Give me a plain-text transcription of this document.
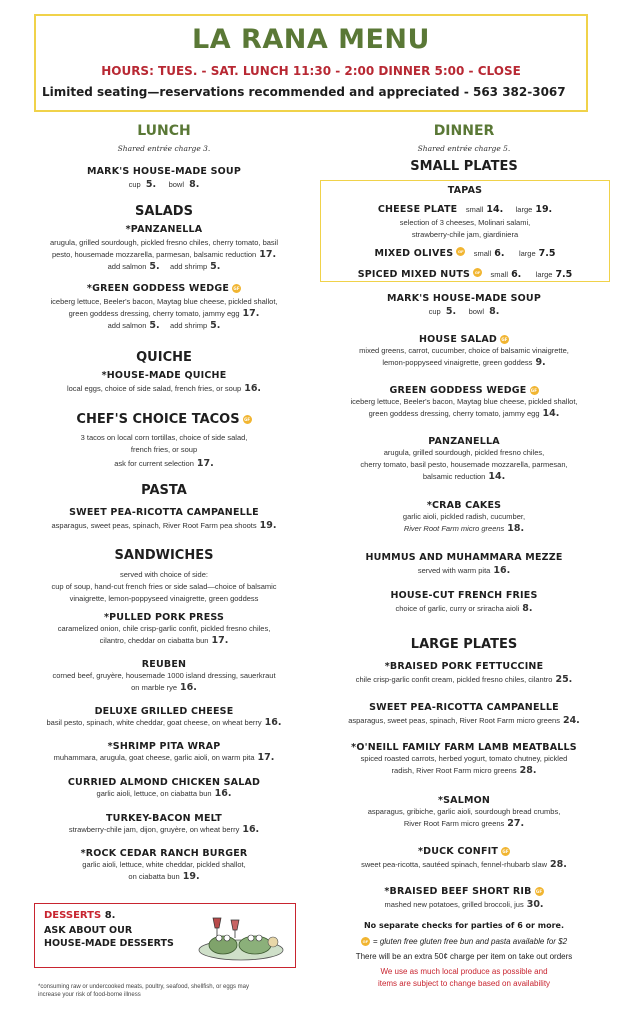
LA RANA MENU
HOURS: TUES. - SAT. LUNCH 11:30 - 2:00 DINNER 5:00 - CLOSE
Limited seating—reservations recommended and appreciated - 563 382-3067
LUNCH
Shared entrée charge 3.
MARK'S HOUSE-MADE SOUP
cup 5. bowl 8.
SALADS
*PANZANELLA
arugula, grilled sourdough, pickled fresno chiles, cherry tomato, basil
pesto, housemade mozzarella, parmesan, balsamic reduction 17.
add salmon 5. add shrimp 5.
*GREEN GODDESS WEDGE GF
iceberg lettuce, Beeler's bacon, Maytag blue cheese, pickled shallot,
green goddess dressing, cherry tomato, jammy egg 17.
add salmon 5. add shrimp 5.
QUICHE
*HOUSE-MADE QUICHE
local eggs, choice of side salad, french fries, or soup 16.
CHEF'S CHOICE TACOS GF
3 tacos on local corn tortillas, choice of side salad,
french fries, or soup
ask for current selection 17.
PASTA
SWEET PEA-RICOTTA CAMPANELLE
asparagus, sweet peas, spinach, River Root Farm pea shoots 19.
SANDWICHES
served with choice of side:
cup of soup, hand-cut french fries or side salad—choice of balsamic
vinaigrette, lemon-poppyseed vinaigrette, green goddess
*PULLED PORK PRESS
caramelized onion, chile crisp-garlic confit, pickled fresno chiles,
cilantro, cheddar on ciabatta bun 17.
REUBEN
corned beef, gruyère, housemade 1000 island dressing, sauerkraut
on marble rye 16.
DELUXE GRILLED CHEESE
basil pesto, spinach, white cheddar, goat cheese, on wheat berry 16.
*SHRIMP PITA WRAP
muhammara, arugula, goat cheese, garlic aioli, on warm pita 17.
CURRIED ALMOND CHICKEN SALAD
garlic aioli, lettuce, on ciabatta bun 16.
TURKEY-BACON MELT
strawberry-chile jam, dijon, gruyère, on wheat berry 16.
*ROCK CEDAR RANCH BURGER
garlic aioli, lettuce, white cheddar, pickled shallot,
on ciabatta bun 19.
DESSERTS 8.
ASK ABOUT OUR
HOUSE-MADE DESSERTS
*consuming raw or undercooked meats, poultry, seafood, shellfish, or eggs may
increase your risk of food-borne illness
DINNER
Shared entrée charge 5.
SMALL PLATES
TAPAS
CHEESE PLATE small 14. large 19.
selection of 3 cheeses, Molinari salami,
strawberry-chile jam, giardiniera
MIXED OLIVES GF small 6. large 7.5
SPICED MIXED NUTS GF small 6. large 7.5
MARK'S HOUSE-MADE SOUP
cup 5. bowl 8.
HOUSE SALAD GF
mixed greens, carrot, cucumber, choice of balsamic vinaigrette,
lemon-poppyseed vinaigrette, green goddess 9.
GREEN GODDESS WEDGE GF
iceberg lettuce, Beeler's bacon, Maytag blue cheese, pickled shallot,
green goddess dressing, cherry tomato, jammy egg 14.
PANZANELLA
arugula, grilled sourdough, pickled fresno chiles,
cherry tomato, basil pesto, housemade mozzarella, parmesan,
balsamic reduction 14.
*CRAB CAKES
garlic aioli, pickled radish, cucumber,
River Root Farm micro greens 18.
HUMMUS AND MUHAMMARA MEZZE
served with warm pita 16.
HOUSE-CUT FRENCH FRIES
choice of garlic, curry or sriracha aioli 8.
LARGE PLATES
*BRAISED PORK FETTUCCINE
chile crisp-garlic confit cream, pickled fresno chiles, cilantro 25.
SWEET PEA-RICOTTA CAMPANELLE
asparagus, sweet peas, spinach, River Root Farm micro greens 24.
*O'NEILL FAMILY FARM LAMB MEATBALLS
spiced roasted carrots, herbed yogurt, tomato chutney, pickled
radish, River Root Farm micro greens 28.
*SALMON
asparagus, gribiche, garlic aioli, sourdough bread crumbs,
River Root Farm micro greens 27.
*DUCK CONFIT GF
sweet pea-ricotta, sautéed spinach, fennel-rhubarb slaw 28.
*BRAISED BEEF SHORT RIB GF
mashed new potatoes, grilled broccoli, jus 30.
No separate checks for parties of 6 or more.
GF = gluten free gluten free bun and pasta available for $2
There will be an extra 50¢ charge per item on take out orders
We use as much local produce as possible and
items are subject to change based on availability
